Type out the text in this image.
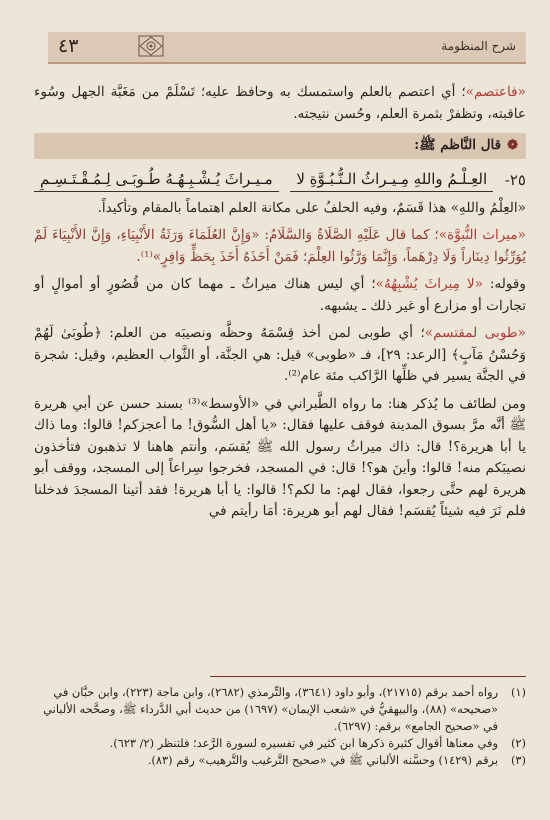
٤٣	شرح المنظومة

«فاعتصم»؛ أي اعتصم بالعلم واستمسك به وحافظ عليه؛ تَسْلَمْ من مَغَبَّة الجهل وسُوء عاقبته، وتظفرْ بثمرة العلم، وحُسن نتيجته.

❁
قال النَّاظم

ﷺ:
٢٥-
العِـلْـمُ واللهِ مِـيـراثُ الـنُّـبُـوَّةِ لا
مـيـراثَ يُـشْـبِـهُـهُ طُـوبَـى لِـمُـقْـتَـسِـمِ

«العِلْمُ واللهِ» هذا قَسَمٌ، وفيه الحلفُ على مكانة العلم اهتماماً بالمقام وتأكيداً.

«ميراث النُّبوَّة»؛ كما قال عَلَيْهِ الصَّلَاةُ وَالسَّلَامُ: «وَإِنَّ العُلَمَاءَ وَرَثَةُ الأَنْبِيَاءِ، وَإِنَّ الأَنْبِيَاءَ لَمْ يُوَرِّثُوا دِينَاراً وَلَا دِرْهَماً، وَإِنَّمَا وَرَّثُوا العِلْمَ؛ فَمَنْ أَخَذَهُ أَخَذَ بِحَظٍّ وَافِرٍ»⁽¹⁾.

وقوله: «لا مِيراثَ يُشْبِهُهُ»؛ أي ليس هناك ميراثٌ ـ مهما كان من قُصُورٍ أو أموالٍ أو تجارات أو مزارع أو غير ذلك ـ يشبهه.

«طوبى لمقتسم»؛ أي طوبى لمن أخذ قِسْمَهُ وحظَّه ونصيبَه من العلم: ﴿طُوبَىٰ لَهُمْ وَحُسْنُ مَآبٍ﴾ [الرعد: ٢٩]، فـ «طوبى» قيل: هي الجنَّة، أو الثَّواب العظيم، وقيل: شجرة في الجنَّة يسير في ظلِّها الرَّاكب مئة عام⁽²⁾.

ومن لطائف ما يُذكر هنا: ما رواه الطَّبراني في «الأوسط»⁽³⁾ بسند حسن عن أبي هريرة ﷺ أنَّه مرَّ بسوق المدينة فوقف عليها فقال: «يا أهل السُّوق! ما أعجزكم! قالوا: وما ذاك يا أبا هريرة؟! قال: ذاك ميراثُ رسول الله ﷺ يُقسَم، وأنتم هاهنا لا تذهبون فتأخذون نصيبَكم منه! قالوا: وأينَ هو؟! قال: في المسجد، فخرجوا سِراعاً إلى المسجد، ووقف أبو هريرة لهم حتَّى رجعوا، فقال لهم: ما لكم؟! قالوا: يا أبا هريرة! فقد أتينا المسجدَ فدخلنا فلم نَرَ فيه شيئاً يُقسَم! فقال لهم أبو هريرة: أمَا رأيتم في

(١)
رواه أحمد برقم (٢١٧١٥)، وأبو داود (٣٦٤١)، والتِّرمذي (٢٦٨٢)، وابن ماجة (٢٢٣)، وابن حبَّان في «صحيحه» (٨٨)، والبيهقيُّ في «شعب الإيمان» (١٦٩٧) من حديث أبي الدَّرداء ﷺ، وصحَّحه الألباني في «صحيح الجامع» برقم: (٦٢٩٧).
(٢)
وفي معناها أقوال كثيرة ذكرها ابن كثير في تفسيره لسورة الرَّعد؛ فلتنظر (٢/ ٦٢٣).
(٣)
برقم (١٤٢٩) وحسَّنه الألباني ﷺ في «صحيح التَّرغيب والتَّرهيب» رقم (٨٣).
